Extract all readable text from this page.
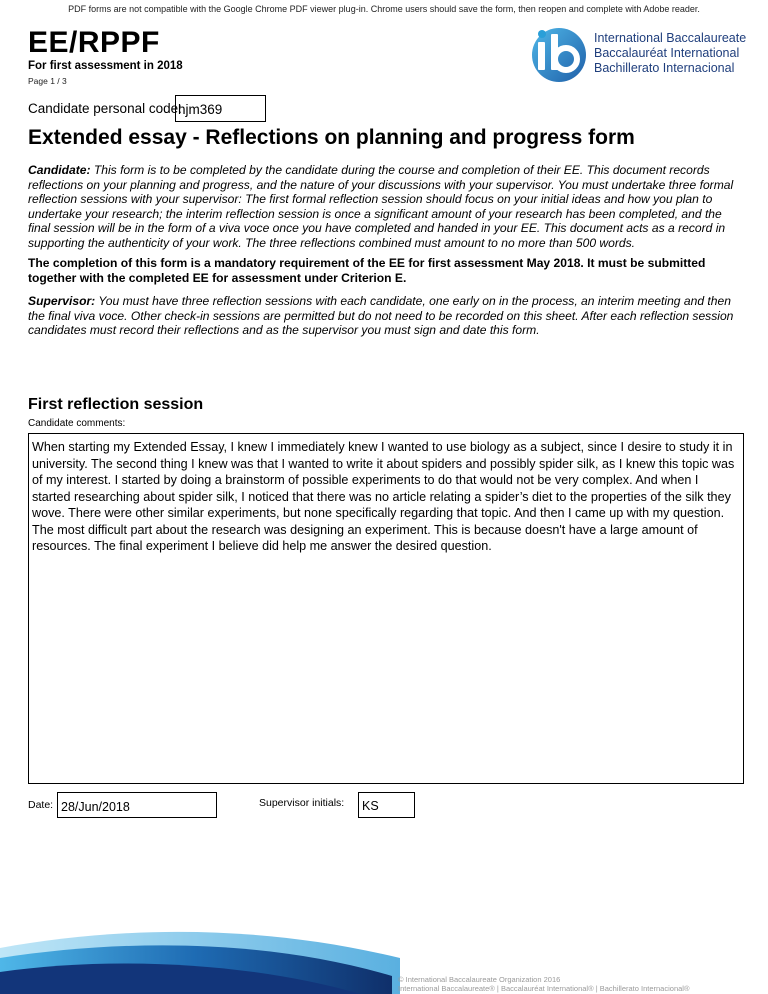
PDF forms are not compatible with the Google Chrome PDF viewer plug-in. Chrome users should save the form, then reopen and complete with Adobe reader.
EE/RPPF
For first assessment in 2018
Page 1 / 3
International Baccalaureate
Baccalauréat International
Bachillerato Internacional
Candidate personal code:
hjm369
Extended essay - Reflections on planning and progress form
Candidate: This form is to be completed by the candidate during the course and completion of their EE. This document records reflections on your planning and progress, and the nature of your discussions with your supervisor. You must undertake three formal reflection sessions with your supervisor: The first formal reflection session should focus on your initial ideas and how you plan to undertake your research; the interim reflection session is once a significant amount of your research has been completed, and the final session will be in the form of a viva voce once you have completed and handed in your EE. This document acts as a record in supporting the authenticity of your work. The three reflections combined must amount to no more than 500 words.
The completion of this form is a mandatory requirement of the EE for first assessment May 2018. It must be submitted together with the completed EE for assessment under Criterion E.
Supervisor: You must have three reflection sessions with each candidate, one early on in the process, an interim meeting and then the final viva voce. Other check-in sessions are permitted but do not need to be recorded on this sheet. After each reflection session candidates must record their reflections and as the supervisor you must sign and date this form.
First reflection session
Candidate comments:
When starting my Extended Essay, I knew I immediately knew I wanted to use biology as a subject, since I desire to study it in university. The second thing I knew was that I wanted to write it about spiders and possibly spider silk, as I knew this topic was of my interest. I started by doing a brainstorm of possible experiments to do that would not be very complex. And when I started researching about spider silk, I noticed that there was no article relating a spider’s diet to the properties of the silk they wove. There were other similar experiments, but none specifically regarding that topic. And then I came up with my question. The most difficult part about the research was designing an experiment. This is because doesn't have a large amount of resources. The final experiment I believe did help me answer the desired question.
Date: 28/Jun/2018	Supervisor initials:	KS
© International Baccalaureate Organization 2016
International Baccalaureate® | Baccalauréat International® | Bachillerato Internacional®
